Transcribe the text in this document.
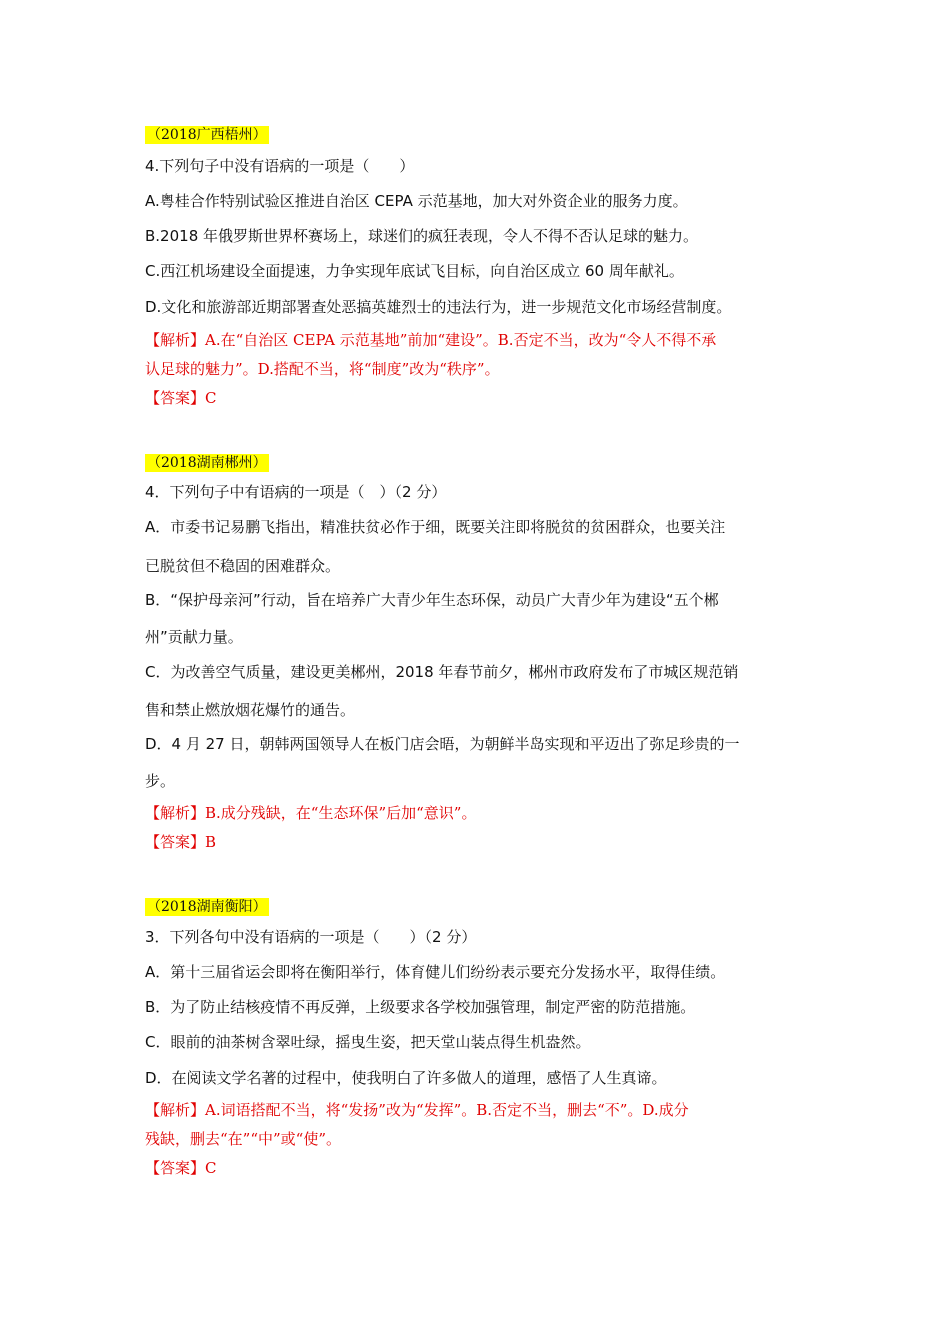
（2018广西梧州）
4.下列句子中没有语病的一项是（　　）
A.粤桂合作特别试验区推进自治区 CEPA 示范基地，加大对外资企业的服务力度。
B.2018 年俄罗斯世界杯赛场上，球迷们的疯狂表现，令人不得不否认足球的魅力。
C.西江机场建设全面提速，力争实现年底试飞目标，向自治区成立 60 周年献礼。
D.文化和旅游部近期部署查处恶搞英雄烈士的违法行为，进一步规范文化市场经营制度。
【解析】A.在“自治区 CEPA 示范基地”前加“建设”。B.否定不当，改为“令人不得不承
认足球的魅力”。D.搭配不当，将“制度”改为“秩序”。
【答案】C
（2018湖南郴州）
4．下列句子中有语病的一项是（　）（2 分）
A．市委书记易鹏飞指出，精准扶贫必作于细，既要关注即将脱贫的贫困群众，也要关注
已脱贫但不稳固的困难群众。
B．“保护母亲河”行动，旨在培养广大青少年生态环保，动员广大青少年为建设“五个郴
州”贡献力量。
C．为改善空气质量，建设更美郴州，2018 年春节前夕，郴州市政府发布了市城区规范销
售和禁止燃放烟花爆竹的通告。
D．4 月 27 日，朝韩两国领导人在板门店会晤，为朝鲜半岛实现和平迈出了弥足珍贵的一
步。
【解析】B.成分残缺，在“生态环保”后加“意识”。
【答案】B
（2018湖南衡阳）
3．下列各句中没有语病的一项是（　　）（2 分）
A．第十三届省运会即将在衡阳举行，体育健儿们纷纷表示要充分发扬水平，取得佳绩。
B．为了防止结核疫情不再反弹，上级要求各学校加强管理，制定严密的防范措施。
C．眼前的油茶树含翠吐绿，摇曳生姿，把天堂山装点得生机盎然。
D．在阅读文学名著的过程中，使我明白了许多做人的道理，感悟了人生真谛。
【解析】A.词语搭配不当，将“发扬”改为“发挥”。B.否定不当，删去“不”。D.成分
残缺，删去“在”“中”或“使”。
【答案】C
